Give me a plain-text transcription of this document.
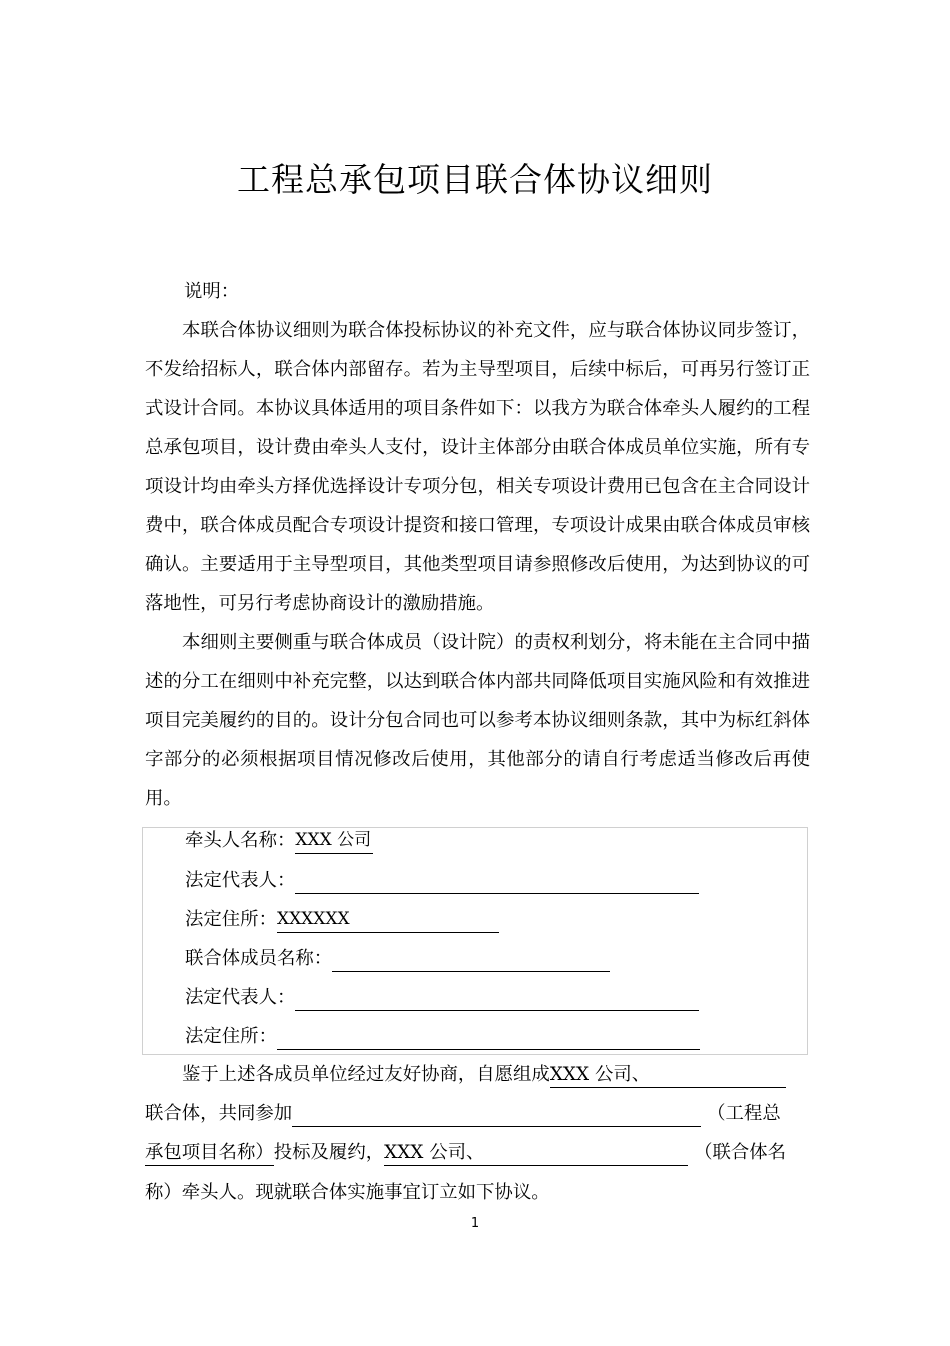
工程总承包项目联合体协议细则
说明：
本联合体协议细则为联合体投标协议的补充文件，应与联合体协议同步签订，不发给招标人，联合体内部留存。若为主导型项目，后续中标后，可再另行签订正式设计合同。本协议具体适用的项目条件如下：以我方为联合体牵头人履约的工程总承包项目，设计费由牵头人支付，设计主体部分由联合体成员单位实施，所有专项设计均由牵头方择优选择设计专项分包，相关专项设计费用已包含在主合同设计费中，联合体成员配合专项设计提资和接口管理，专项设计成果由联合体成员审核确认。主要适用于主导型项目，其他类型项目请参照修改后使用，为达到协议的可落地性，可另行考虑协商设计的激励措施。
本细则主要侧重与联合体成员（设计院）的责权利划分，将未能在主合同中描述的分工在细则中补充完整，以达到联合体内部共同降低项目实施风险和有效推进项目完美履约的目的。设计分包合同也可以参考本协议细则条款，其中为标红斜体字部分的必须根据项目情况修改后使用，其他部分的请自行考虑适当修改后再使用。
牵头人名称：XXX 公司
法定代表人：
法定住所：XXXXXX
联合体成员名称：
法定代表人：
法定住所：
鉴于上述各成员单位经过友好协商，自愿组成XXX 公司、
联合体，共同参加	（工程总
承包项目名称）投标及履约，XXX 公司、	（联合体名
称）牵头人。现就联合体实施事宜订立如下协议。
1
